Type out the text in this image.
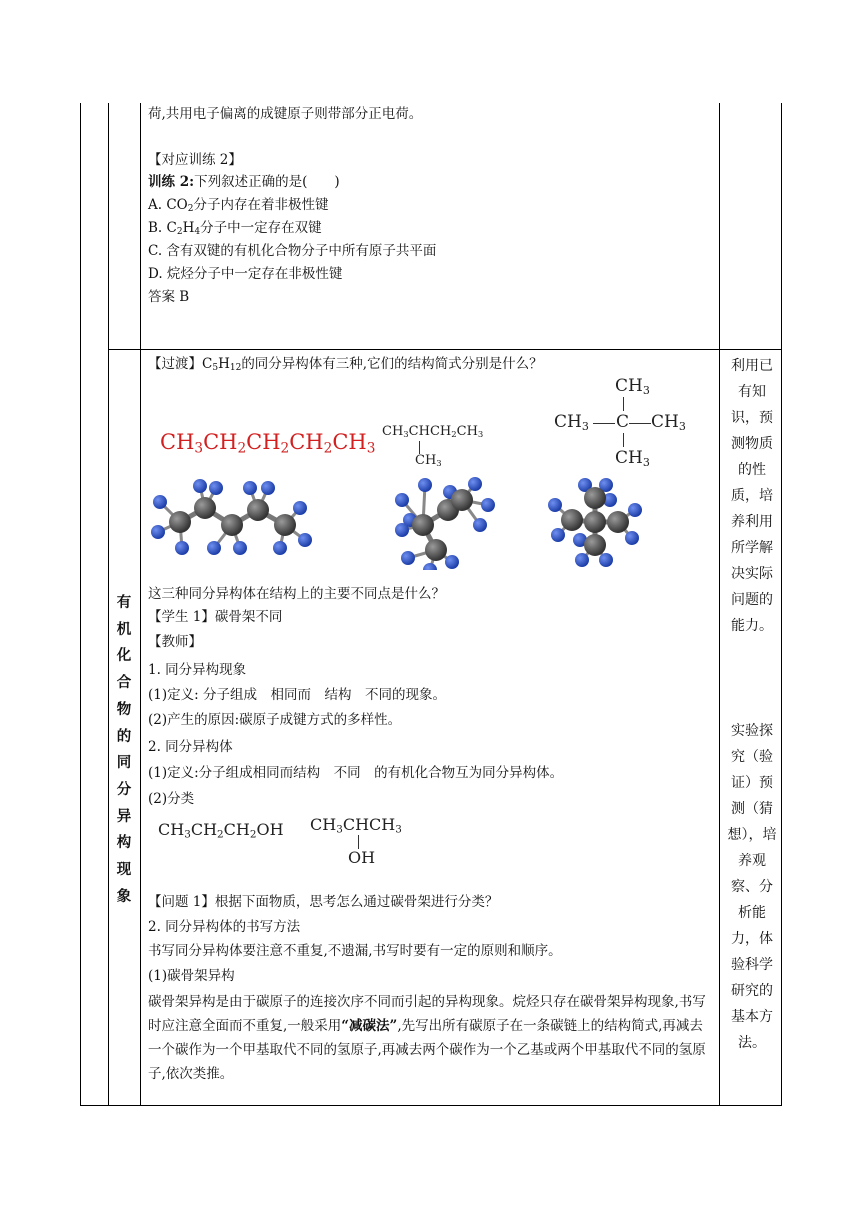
荷,共用电子偏离的成键原子则带部分正电荷。
【对应训练 2】
训练 2:下列叙述正确的是(　　)
A. $CO_2$分子内存在着非极性键
B. $C_2H_4$分子中一定存在双键
C. 含有双键的有机化合物分子中所有原子共平面
D. 烷烃分子中一定存在非极性键
答案 B
有
机
化
合
物
的
同
分
异
构
现
象
【过渡】$C_5H_{12}$的同分异构体有三种,它们的结构简式分别是什么？
$CH_3CH_2CH_2CH_2CH_3$
$CH_3CHCH_2CH_3$
$CH_3$
$CH_3$
$CH_3$ C $CH_3$
$CH_3$
这三种同分异构体在结构上的主要不同点是什么？
【学生 1】碳骨架不同
【教师】
1. 同分异构现象
(1)定义: 分子组成　相同而　结构　不同的现象。
(2)产生的原因:碳原子成键方式的多样性。
2. 同分异构体
(1)定义:分子组成相同而结构　不同　的有机化合物互为同分异构体。
(2)分类
$CH_3CH_2CH_2OH$ $CH_3CHCH_3$
OH
【问题 1】根据下面物质，思考怎么通过碳骨架进行分类？
2. 同分异构体的书写方法
书写同分异构体要注意不重复,不遗漏,书写时要有一定的原则和顺序。
(1)碳骨架异构
碳骨架异构是由于碳原子的连接次序不同而引起的异构现象。烷烃只存在碳骨架异构现象,书写时应注意全面而不重复,一般采用“减碳法”,先写出所有碳原子在一条碳链上的结构简式,再减去一个碳作为一个甲基取代不同的氢原子,再减去两个碳作为一个乙基或两个甲基取代不同的氢原子,依次类推。
利用已
有知
识，预
测物质
的性
质，培
养利用
所学解
决实际
问题的
能力。
实验探
究（验
证）预
测（猜
想），培
养观
察、分
析能
力，体
验科学
研究的
基本方
法。
